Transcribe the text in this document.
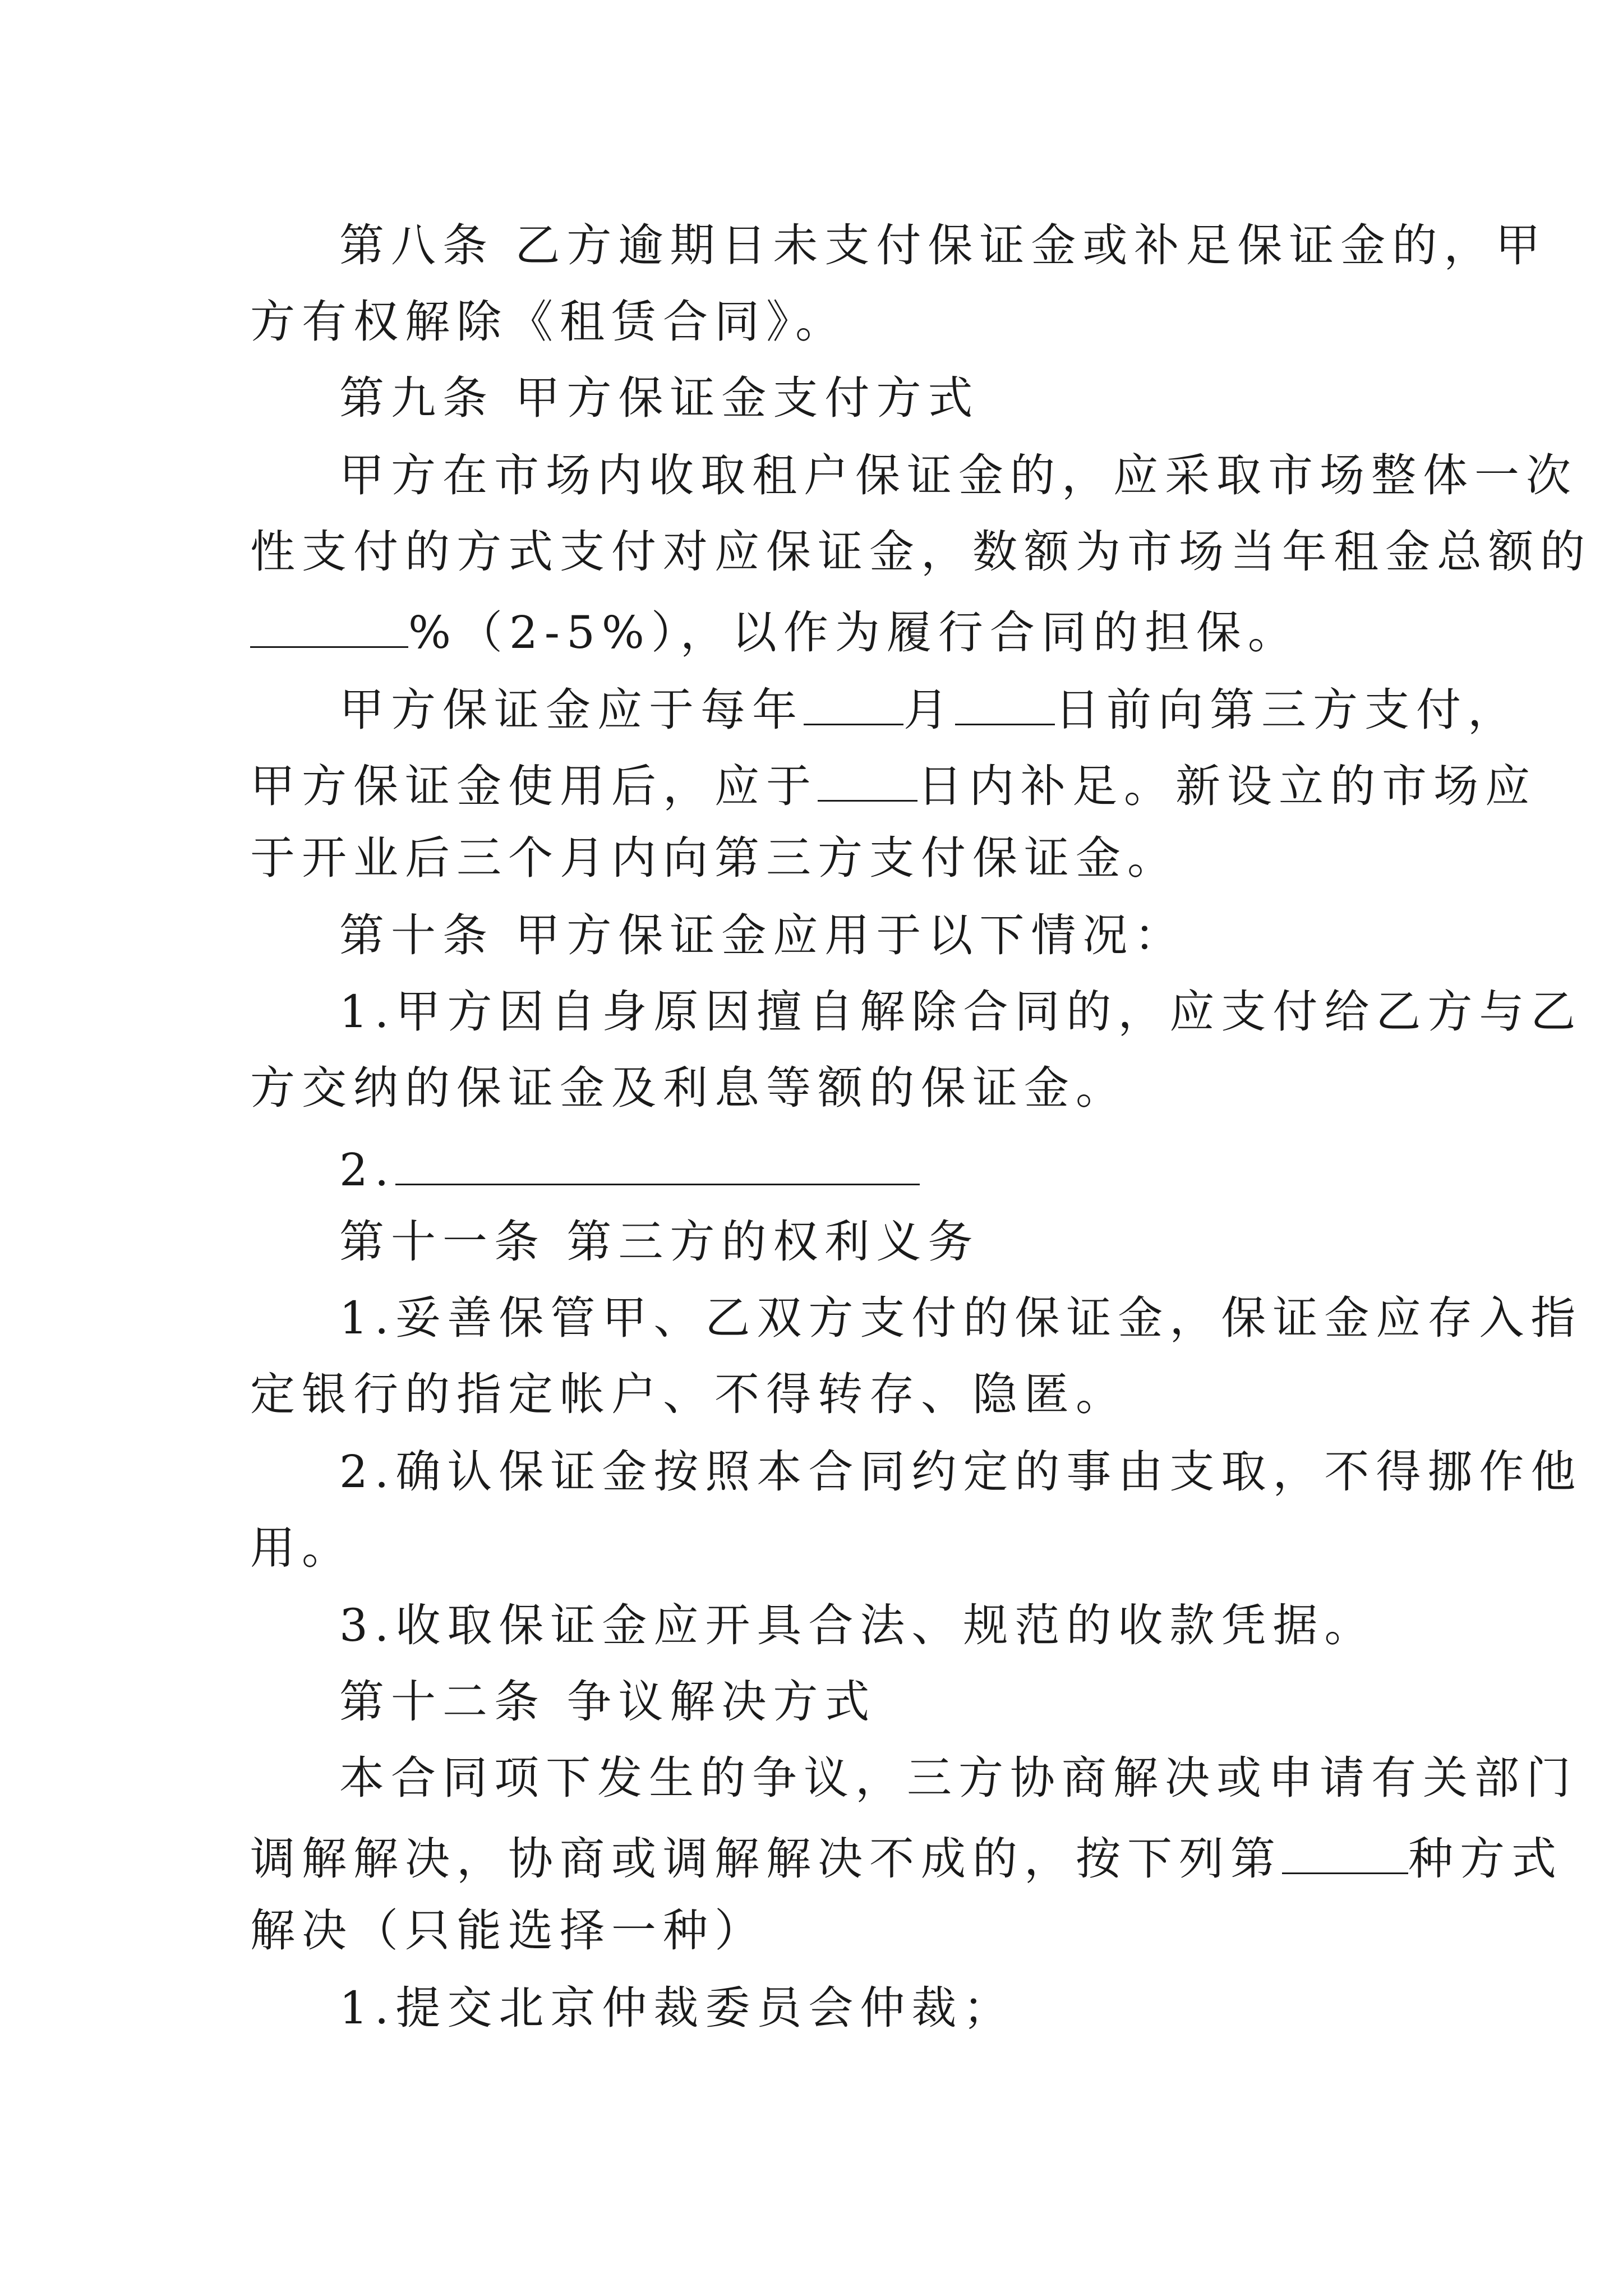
第八条 乙方逾期日未支付保证金或补足保证金的，甲
方有权解除《租赁合同》。
第九条 甲方保证金支付方式
甲方在市场内收取租户保证金的，应采取市场整体一次
性支付的方式支付对应保证金，数额为市场当年租金总额的
%（2-5%），以作为履行合同的担保。
甲方保证金应于每年 月 日前向第三方支付，
甲方保证金使用后，应于 日内补足。新设立的市场应
于开业后三个月内向第三方支付保证金。
第十条 甲方保证金应用于以下情况：
1.甲方因自身原因擅自解除合同的，应支付给乙方与乙
方交纳的保证金及利息等额的保证金。
2.
第十一条 第三方的权利义务
1.妥善保管甲、乙双方支付的保证金，保证金应存入指
定银行的指定帐户、不得转存、隐匿。
2.确认保证金按照本合同约定的事由支取，不得挪作他
用。
3.收取保证金应开具合法、规范的收款凭据。
第十二条 争议解决方式
本合同项下发生的争议，三方协商解决或申请有关部门
调解解决，协商或调解解决不成的，按下列第	种方式
解决（只能选择一种）
1.提交北京仲裁委员会仲裁；
